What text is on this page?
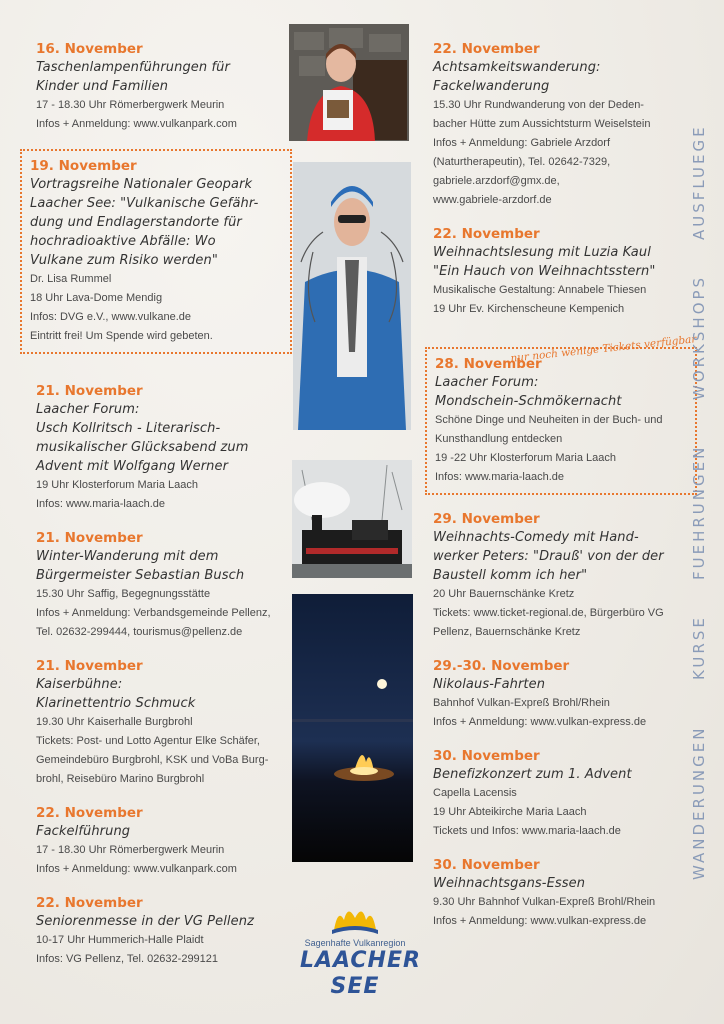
16. November
Taschenlampenführungen für
Kinder und Familien
17 - 18.30 Uhr Römerbergwerk Meurin
Infos + Anmeldung: www.vulkanpark.com
19. November
Vortragsreihe Nationaler Geopark
Laacher See: "Vulkanische Gefähr-
dung und Endlagerstandorte für
hochradioaktive Abfälle: Wo
Vulkane zum Risiko werden"
Dr. Lisa Rummel
18 Uhr Lava-Dome Mendig
Infos: DVG e.V., www.vulkane.de
Eintritt frei! Um Spende wird gebeten.
21. November
Laacher Forum:
Usch Kollritsch - Literarisch-
musikalischer Glücksabend zum
Advent mit Wolfgang Werner
19 Uhr Klosterforum Maria Laach
Infos: www.maria-laach.de
21. November
Winter-Wanderung mit dem
Bürgermeister Sebastian Busch
15.30 Uhr Saffig, Begegnungsstätte
Infos + Anmeldung: Verbandsgemeinde Pellenz,
Tel. 02632-299444, tourismus@pellenz.de
21. November
Kaiserbühne:
Klarinettentrio Schmuck
19.30 Uhr Kaiserhalle Burgbrohl
Tickets: Post- und Lotto Agentur Elke Schäfer,
Gemeindebüro Burgbrohl, KSK und VoBa Burg-
brohl, Reisebüro Marino Burgbrohl
22. November
Fackelführung
17 - 18.30 Uhr Römerbergwerk Meurin
Infos + Anmeldung: www.vulkanpark.com
22. November
Seniorenmesse in der VG Pellenz
10-17 Uhr Hummerich-Halle Plaidt
Infos: VG Pellenz, Tel. 02632-299121
22. November
Achtsamkeitswanderung:
Fackelwanderung
15.30 Uhr Rundwanderung von der Deden-
bacher Hütte zum Aussichtsturm Weiselstein
Infos + Anmeldung: Gabriele Arzdorf
(Naturtherapeutin), Tel. 02642-7329,
gabriele.arzdorf@gmx.de,
www.gabriele-arzdorf.de
22. November
Weihnachtslesung mit Luzia Kaul
"Ein Hauch von Weihnachtsstern"
Musikalische Gestaltung: Annabele Thiesen
19 Uhr Ev. Kirchenscheune Kempenich
28. November
Laacher Forum:
Mondschein-Schmökernacht
Schöne Dinge und Neuheiten in der Buch- und
Kunsthandlung entdecken
19 -22 Uhr Klosterforum Maria Laach
Infos: www.maria-laach.de
29. November
Weihnachts-Comedy mit Hand-
werker Peters: "Drauß' von der der
Baustell komm ich her"
20 Uhr Bauernschänke Kretz
Tickets: www.ticket-regional.de, Bürgerbüro VG
Pellenz, Bauernschänke Kretz
29.-30. November
Nikolaus-Fahrten
Bahnhof Vulkan-Expreß Brohl/Rhein
Infos + Anmeldung: www.vulkan-express.de
30. November
Benefizkonzert zum 1. Advent
Capella Lacensis
19 Uhr Abteikirche Maria Laach
Tickets und Infos: www.maria-laach.de
30. November
Weihnachtsgans-Essen
9.30 Uhr Bahnhof Vulkan-Expreß Brohl/Rhein
Infos + Anmeldung: www.vulkan-express.de
nur noch wenige Tickets verfügbar
WANDERUNGEN
KURSE
FUEHRUNGEN
WORKSHOPS
AUSFLUEGE
Sagenhafte Vulkanregion
LAACHER SEE
